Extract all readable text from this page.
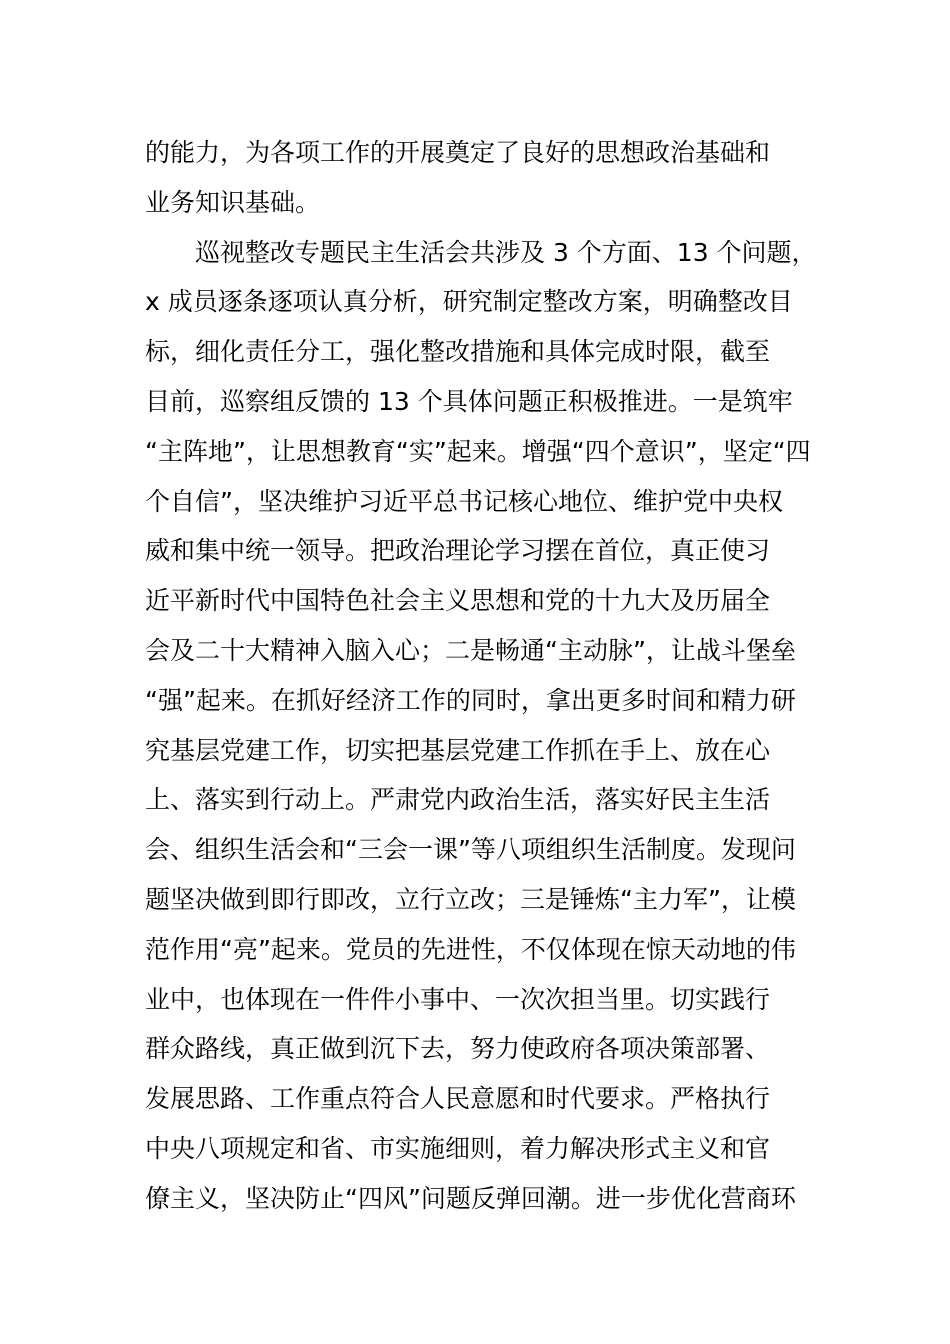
的能力，为各项工作的开展奠定了良好的思想政治基础和
业务知识基础。
巡视整改专题民主生活会共涉及 3 个方面、13 个问题，
x 成员逐条逐项认真分析，研究制定整改方案，明确整改目
标，细化责任分工，强化整改措施和具体完成时限，截至
目前，巡察组反馈的 13 个具体问题正积极推进。一是筑牢
“主阵地”，让思想教育“实”起来。增强“四个意识”，坚定“四
个自信”，坚决维护习近平总书记核心地位、维护党中央权
威和集中统一领导。把政治理论学习摆在首位，真正使习
近平新时代中国特色社会主义思想和党的十九大及历届全
会及二十大精神入脑入心；二是畅通“主动脉”，让战斗堡垒
“强”起来。在抓好经济工作的同时，拿出更多时间和精力研
究基层党建工作，切实把基层党建工作抓在手上、放在心
上、落实到行动上。严肃党内政治生活，落实好民主生活
会、组织生活会和“三会一课”等八项组织生活制度。发现问
题坚决做到即行即改，立行立改；三是锤炼“主力军”，让模
范作用“亮”起来。党员的先进性，不仅体现在惊天动地的伟
业中，也体现在一件件小事中、一次次担当里。切实践行
群众路线，真正做到沉下去，努力使政府各项决策部署、
发展思路、工作重点符合人民意愿和时代要求。严格执行
中央八项规定和省、市实施细则，着力解决形式主义和官
僚主义，坚决防止“四风”问题反弹回潮。进一步优化营商环
